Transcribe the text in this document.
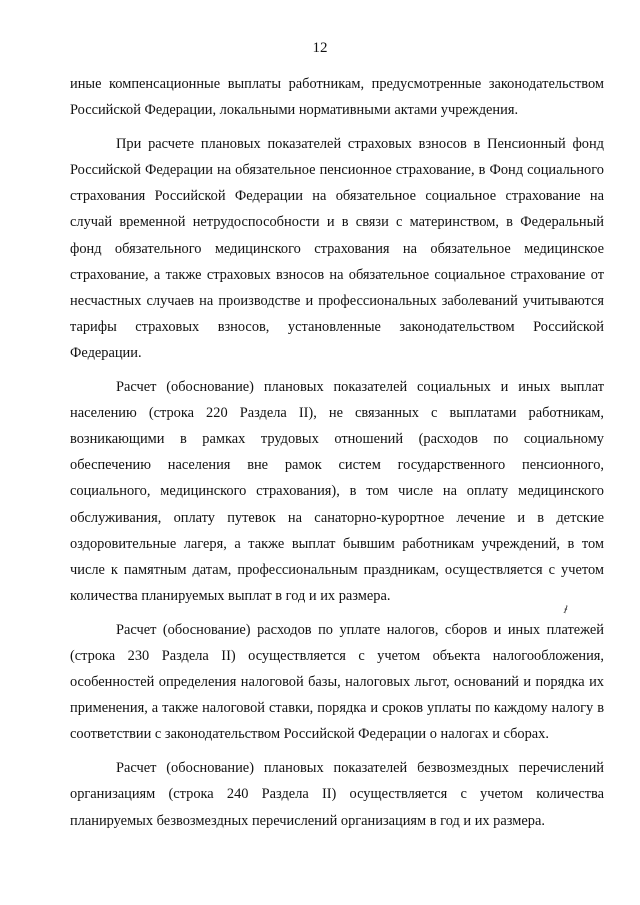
12

иные компенсационные выплаты работникам, предусмотренные законодательством Российской Федерации, локальными нормативными актами учреждения.

При расчете плановых показателей страховых взносов в Пенсионный фонд Российской Федерации на обязательное пенсионное страхование, в Фонд социального страхования Российской Федерации на обязательное социальное страхование на случай временной нетрудоспособности и в связи с материнством, в Федеральный фонд обязательного медицинского страхования на обязательное медицинское страхование, а также страховых взносов на обязательное социальное страхование от несчастных случаев на производстве и профессиональных заболеваний учитываются тарифы страховых взносов, установленные законодательством Российской Федерации.

Расчет (обоснование) плановых показателей социальных и иных выплат населению (строка 220 Раздела II), не связанных с выплатами работникам, возникающими в рамках трудовых отношений (расходов по социальному обеспечению населения вне рамок систем государственного пенсионного, социального, медицинского страхования), в том числе на оплату медицинского обслуживания, оплату путевок на санаторно-курортное лечение и в детские оздоровительные лагеря, а также выплат бывшим работникам учреждений, в том числе к памятным датам, профессиональным праздникам, осуществляется с учетом количества планируемых выплат в год и их размера.

Расчет (обоснование) расходов по уплате налогов, сборов и иных платежей (строка 230 Раздела II) осуществляется с учетом объекта налогообложения, особенностей определения налоговой базы, налоговых льгот, оснований и порядка их применения, а также налоговой ставки, порядка и сроков уплаты по каждому налогу в соответствии с законодательством Российской Федерации о налогах и сборах.

Расчет (обоснование) плановых показателей безвозмездных перечислений организациям (строка 240 Раздела II) осуществляется с учетом количества планируемых безвозмездных перечислений организациям в год и их размера.

ⱡ
